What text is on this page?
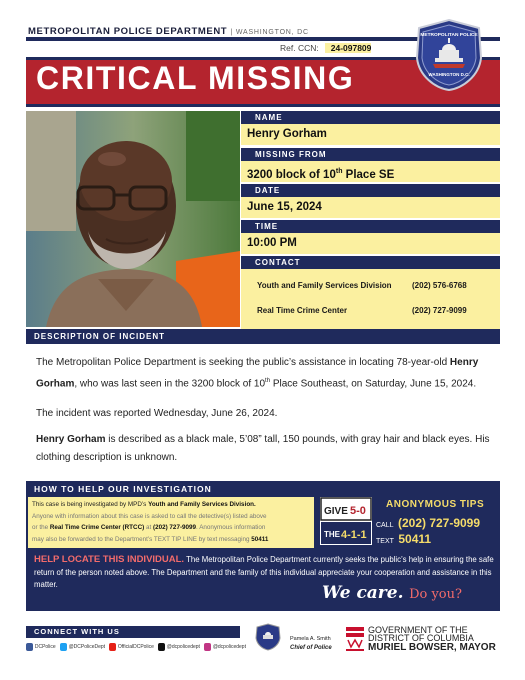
METROPOLITAN POLICE DEPARTMENT | WASHINGTON, DC
Ref. CCN: 24-097809
CRITICAL MISSING
METROPOLITAN POLICE
WASHINGTON D.C.
NAME
Henry Gorham
MISSING FROM
3200 block of 10th Place SE
DATE
June 15, 2024
TIME
10:00 PM
CONTACT
Youth and Family Services Division	(202) 576-6768
Real Time Crime Center	(202) 727-9099
DESCRIPTION OF INCIDENT
The Metropolitan Police Department is seeking the public’s assistance in locating 78-year-old Henry Gorham, who was last seen in the 3200 block of 10th Place Southeast, on Saturday, June 15, 2024.
The incident was reported Wednesday, June 26, 2024.
Henry Gorham is described as a black male, 5’08” tall, 150 pounds, with gray hair and black eyes. His clothing description is unknown.
HOW TO HELP OUR INVESTIGATION
This case is being investigated by MPD’s Youth and Family Services Division.
Anyone with information about this case is asked to call the detective(s) listed above
or the Real Time Crime Center (RTCC) at (202) 727-9099. Anonymous information
may also be forwarded to the Department’s TEXT TIP LINE by text messaging 50411
GIVE 5-0
THE 4-1-1
ANONYMOUS TIPS
CALL (202) 727-9099
TEXT 50411
HELP LOCATE THIS INDIVIDUAL. The Metropolitan Police Department currently seeks the public’s help in ensuring the safe return of the person noted above. The Department and the family of this individual appreciate your cooperation and assistance in this matter.	We care. Do you?
CONNECT WITH US
DCPolice	@DCPoliceDept	OfficialDCPolice	@dcpolicedept	@dcpolicedept
Pamela A. Smith
Chief of Police
GOVERNMENT OF THE
DISTRICT OF COLUMBIA
MURIEL BOWSER, MAYOR
